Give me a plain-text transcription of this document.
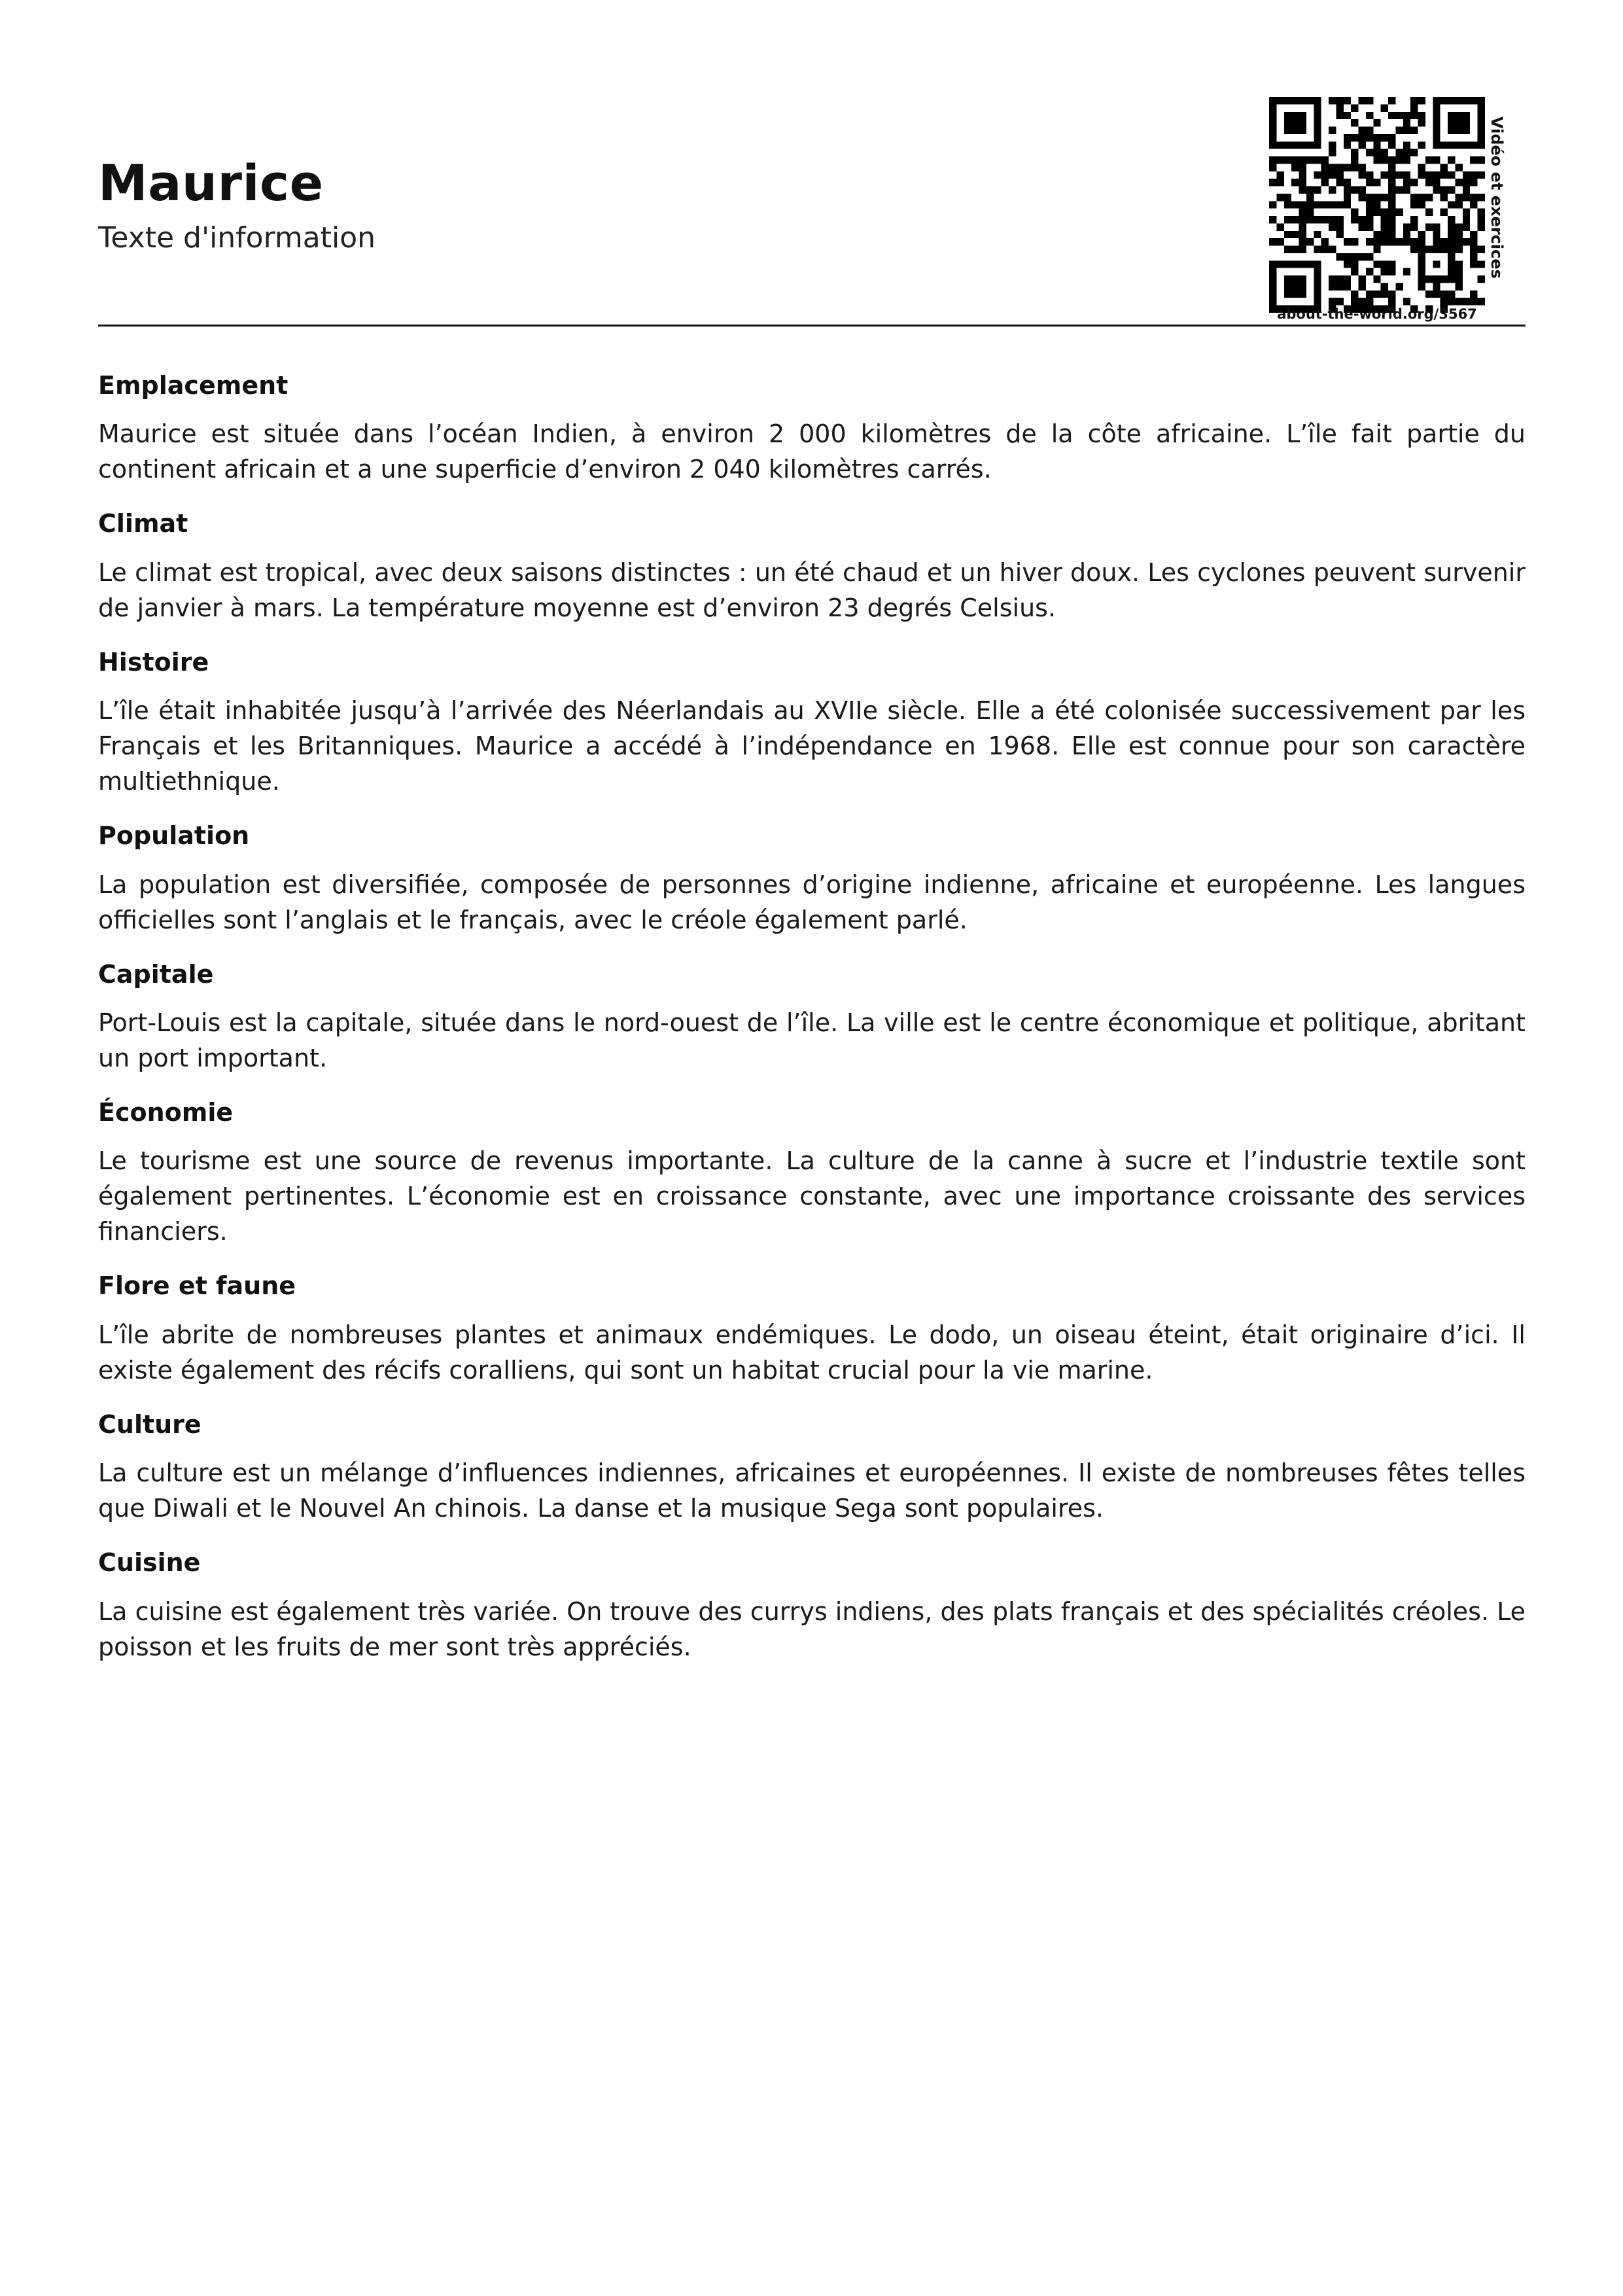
Maurice
Texte d'information
about-the-world.org/3567
Vidéo et exercices
Emplacement

Maurice est située dans l’océan Indien, à environ 2 000 kilomètres de la côte africaine. L’île fait partie du continent africain et a une superficie d’environ 2 040 kilomètres carrés.

Climat

Le climat est tropical, avec deux saisons distinctes : un été chaud et un hiver doux. Les cyclones peuvent survenir de janvier à mars. La température moyenne est d’environ 23 degrés Celsius.

Histoire

L’île était inhabitée jusqu’à l’arrivée des Néerlandais au XVIIe siècle. Elle a été colonisée successivement par les Français et les Britanniques. Maurice a accédé à l’indépendance en 1968. Elle est connue pour son caractère multiethnique.

Population

La population est diversifiée, composée de personnes d’origine indienne, africaine et européenne. Les langues officielles sont l’anglais et le français, avec le créole également parlé.

Capitale

Port-Louis est la capitale, située dans le nord-ouest de l’île. La ville est le centre économique et politique, abritant un port important.

Économie

Le tourisme est une source de revenus importante. La culture de la canne à sucre et l’industrie textile sont également pertinentes. L’économie est en croissance constante, avec une importance croissante des services financiers.

Flore et faune

L’île abrite de nombreuses plantes et animaux endémiques. Le dodo, un oiseau éteint, était originaire d’ici. Il existe également des récifs coralliens, qui sont un habitat crucial pour la vie marine.

Culture

La culture est un mélange d’influences indiennes, africaines et européennes. Il existe de nombreuses fêtes telles que Diwali et le Nouvel An chinois. La danse et la musique Sega sont populaires.

Cuisine

La cuisine est également très variée. On trouve des currys indiens, des plats français et des spécialités créoles. Le poisson et les fruits de mer sont très appréciés.
